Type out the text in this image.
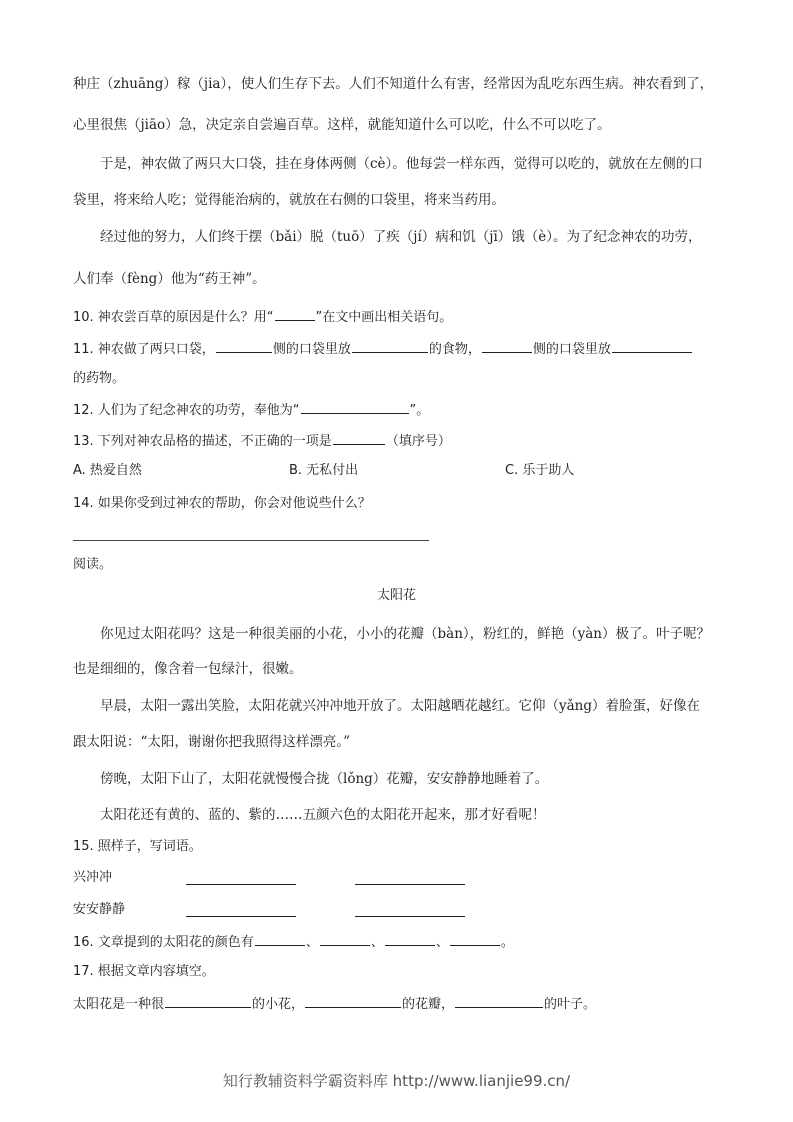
种庄（zhuāng）稼（jia），使人们生存下去。人们不知道什么有害，经常因为乱吃东西生病。神农看到了，
心里很焦（jiāo）急，决定亲自尝遍百草。这样，就能知道什么可以吃，什么不可以吃了。
于是，神农做了两只大口袋，挂在身体两侧（cè）。他每尝一样东西，觉得可以吃的，就放在左侧的口
袋里，将来给人吃；觉得能治病的，就放在右侧的口袋里，将来当药用。
经过他的努力，人们终于摆（bǎi）脱（tuō）了疾（jí）病和饥（jī）饿（è）。为了纪念神农的功劳，
人们奉（fèng）他为“药王神”。
10. 神农尝百草的原因是什么？用“	”在文中画出相关语句。
11. 神农做了两只口袋，	侧的口袋里放	的食物，	侧的口袋里放
的药物。
12. 人们为了纪念神农的功劳，奉他为“	”。
13. 下列对神农品格的描述，不正确的一项是	（填序号）
A. 热爱自然	B. 无私付出	C. 乐于助人
14. 如果你受到过神农的帮助，你会对他说些什么？
阅读。
太阳花
你见过太阳花吗？这是一种很美丽的小花，小小的花瓣（bàn），粉红的，鲜艳（yàn）极了。叶子呢？
也是细细的，像含着一包绿汁，很嫩。
早晨，太阳一露出笑脸，太阳花就兴冲冲地开放了。太阳越晒花越红。它仰（yǎng）着脸蛋，好像在
跟太阳说：“太阳，谢谢你把我照得这样漂亮。”
傍晚，太阳下山了，太阳花就慢慢合拢（lǒng）花瓣，安安静静地睡着了。
太阳花还有黄的、蓝的、紫的……五颜六色的太阳花开起来，那才好看呢！
15. 照样子，写词语。
兴冲冲
安安静静
16. 文章提到的太阳花的颜色有	、	、	、	。
17. 根据文章内容填空。
太阳花是一种很	的小花，	的花瓣，	的叶子。
知行教辅资料学霸资料库 http://www.lianjie99.cn/
